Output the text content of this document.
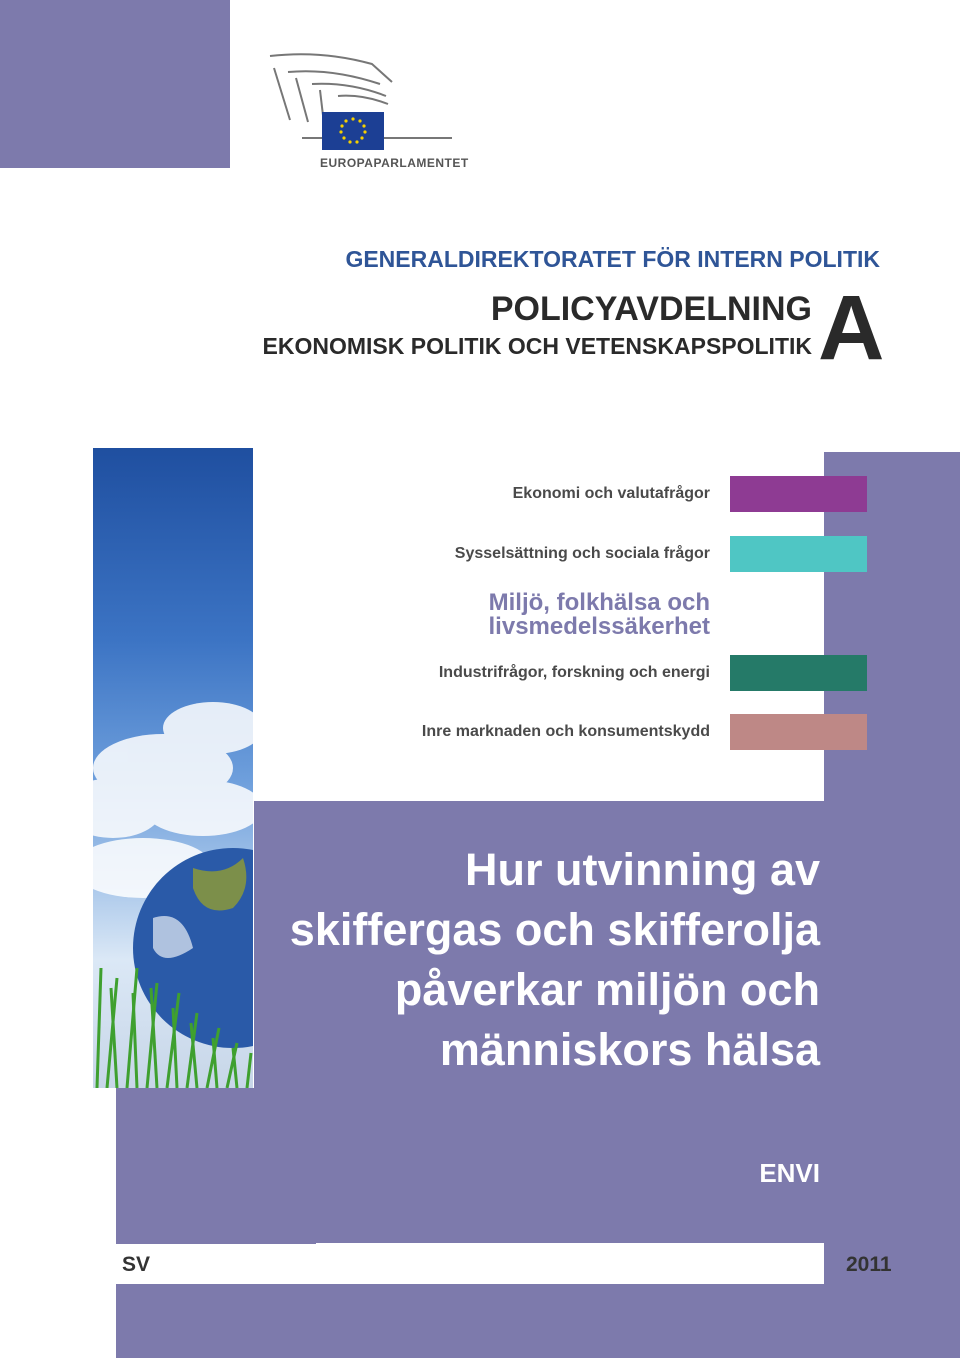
EUROPAPARLAMENTET
GENERALDIREKTORATET FÖR INTERN POLITIK
POLICYAVDELNING
EKONOMISK POLITIK OCH VETENSKAPSPOLITIK A
Ekonomi och valutafrågor
Sysselsättning och sociala frågor
Miljö, folkhälsa och livsmedelssäkerhet
Industrifrågor, forskning och energi
Inre marknaden och konsumentskydd
Hur utvinning av skiffergas och skifferolja påverkar miljön och människors hälsa
ENVI
SV	2011
